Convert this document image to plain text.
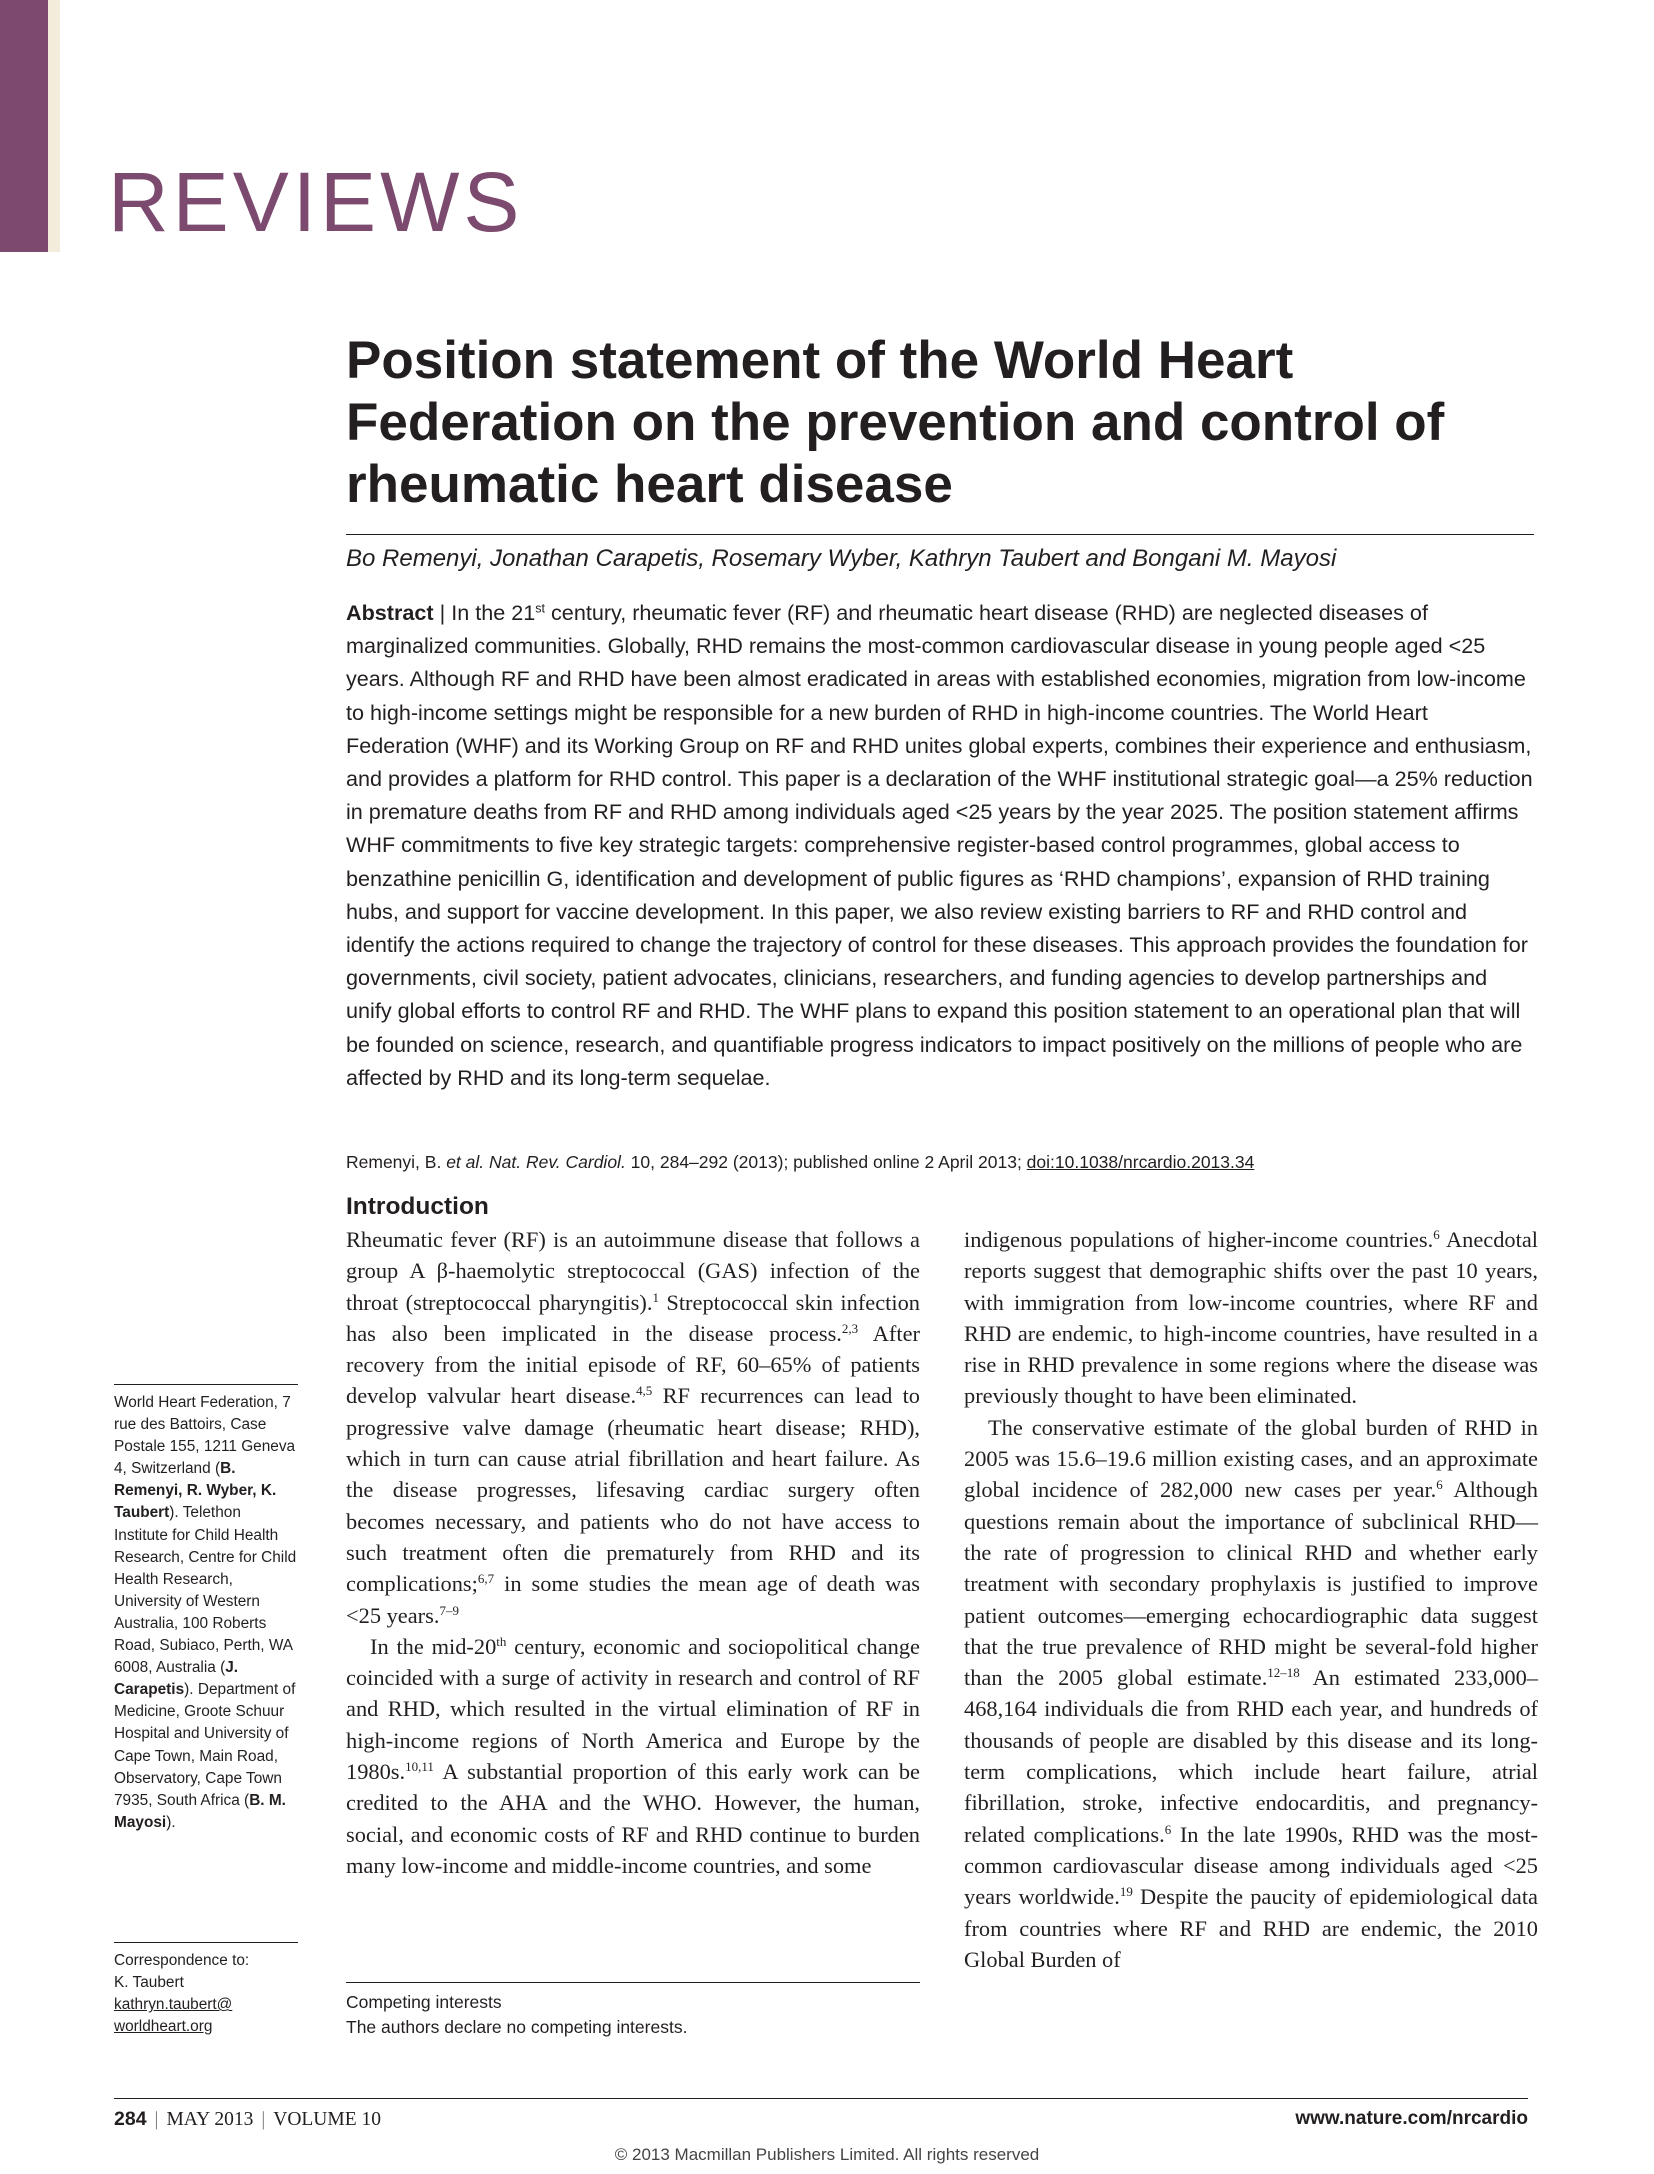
REVIEWS
Position statement of the World Heart Federation on the prevention and control of rheumatic heart disease
Bo Remenyi, Jonathan Carapetis, Rosemary Wyber, Kathryn Taubert and Bongani M. Mayosi

Abstract | In the 21st century, rheumatic fever (RF) and rheumatic heart disease (RHD) are neglected diseases of marginalized communities. Globally, RHD remains the most-common cardiovascular disease in young people aged <25 years. Although RF and RHD have been almost eradicated in areas with established economies, migration from low-income to high-income settings might be responsible for a new burden of RHD in high-income countries. The World Heart Federation (WHF) and its Working Group on RF and RHD unites global experts, combines their experience and enthusiasm, and provides a platform for RHD control. This paper is a declaration of the WHF institutional strategic goal—a 25% reduction in premature deaths from RF and RHD among individuals aged <25 years by the year 2025. The position statement affirms WHF commitments to five key strategic targets: comprehensive register-based control programmes, global access to benzathine penicillin G, identification and development of public figures as ‘RHD champions’, expansion of RHD training hubs, and support for vaccine development. In this paper, we also review existing barriers to RF and RHD control and identify the actions required to change the trajectory of control for these diseases. This approach provides the foundation for governments, civil society, patient advocates, clinicians, researchers, and funding agencies to develop partnerships and unify global efforts to control RF and RHD. The WHF plans to expand this position statement to an operational plan that will be founded on science, research, and quantifiable progress indicators to impact positively on the millions of people who are affected by RHD and its long-term sequelae.

Remenyi, B. et al. Nat. Rev. Cardiol. 10, 284–292 (2013); published online 2 April 2013; doi:10.1038/nrcardio.2013.34
Introduction

Rheumatic fever (RF) is an autoimmune disease that follows a group A β-haemolytic streptococcal (GAS) infection of the throat (streptococcal pharyngitis).$^1$ Streptococcal skin infection has also been implicated in the disease process.$^{2,3}$ After recovery from the initial episode of RF, 60–65% of patients develop valvular heart disease.$^{4,5}$ RF recurrences can lead to progressive valve damage (rheumatic heart disease; RHD), which in turn can cause atrial fibrillation and heart failure. As the disease progresses, lifesaving cardiac surgery often becomes necessary, and patients who do not have access to such treatment often die prematurely from RHD and its complications;$^{6,7}$ in some studies the mean age of death was <25 years.$^{7-9}$

In the mid-20th century, economic and sociopolitical change coincided with a surge of activity in research and control of RF and RHD, which resulted in the virtual elimination of RF in high-income regions of North America and Europe by the 1980s.$^{10,11}$ A substantial proportion of this early work can be credited to the AHA and the WHO. However, the human, social, and economic costs of RF and RHD continue to burden many low-income and middle-income countries, and some

indigenous populations of higher-income countries.$^6$ Anecdotal reports suggest that demographic shifts over the past 10 years, with immigration from low-income countries, where RF and RHD are endemic, to high-income countries, have resulted in a rise in RHD prevalence in some regions where the disease was previously thought to have been eliminated.

The conservative estimate of the global burden of RHD in 2005 was 15.6–19.6 million existing cases, and an approximate global incidence of 282,000 new cases per year.$^6$ Although questions remain about the importance of subclinical RHD—the rate of progression to clinical RHD and whether early treatment with secondary prophylaxis is justified to improve patient outcomes—emerging echocardiographic data suggest that the true prevalence of RHD might be several-fold higher than the 2005 global estimate.$^{12-18}$ An estimated 233,000–468,164 individuals die from RHD each year, and hundreds of thousands of people are disabled by this disease and its long-term complications, which include heart failure, atrial fibrillation, stroke, infective endocarditis, and pregnancy-related complications.$^6$ In the late 1990s, RHD was the most-common cardiovascular disease among individuals aged <25 years worldwide.$^{19}$ Despite the paucity of epidemiological data from countries where RF and RHD are endemic, the 2010 Global Burden of

World Heart Federation, 7 rue des Battoirs, Case Postale 155, 1211 Geneva 4, Switzerland (B. Remenyi, R. Wyber, K. Taubert). Telethon Institute for Child Health Research, Centre for Child Health Research, University of Western Australia, 100 Roberts Road, Subiaco, Perth, WA 6008, Australia (J. Carapetis). Department of Medicine, Groote Schuur Hospital and University of Cape Town, Main Road, Observatory, Cape Town 7935, South Africa (B. M. Mayosi).
Correspondence to:
K. Taubert
kathryn.taubert@
worldheart.org
Competing interests
The authors declare no competing interests.
284 | MAY 2013 | VOLUME 10	www.nature.com/nrcardio
© 2013 Macmillan Publishers Limited. All rights reserved
